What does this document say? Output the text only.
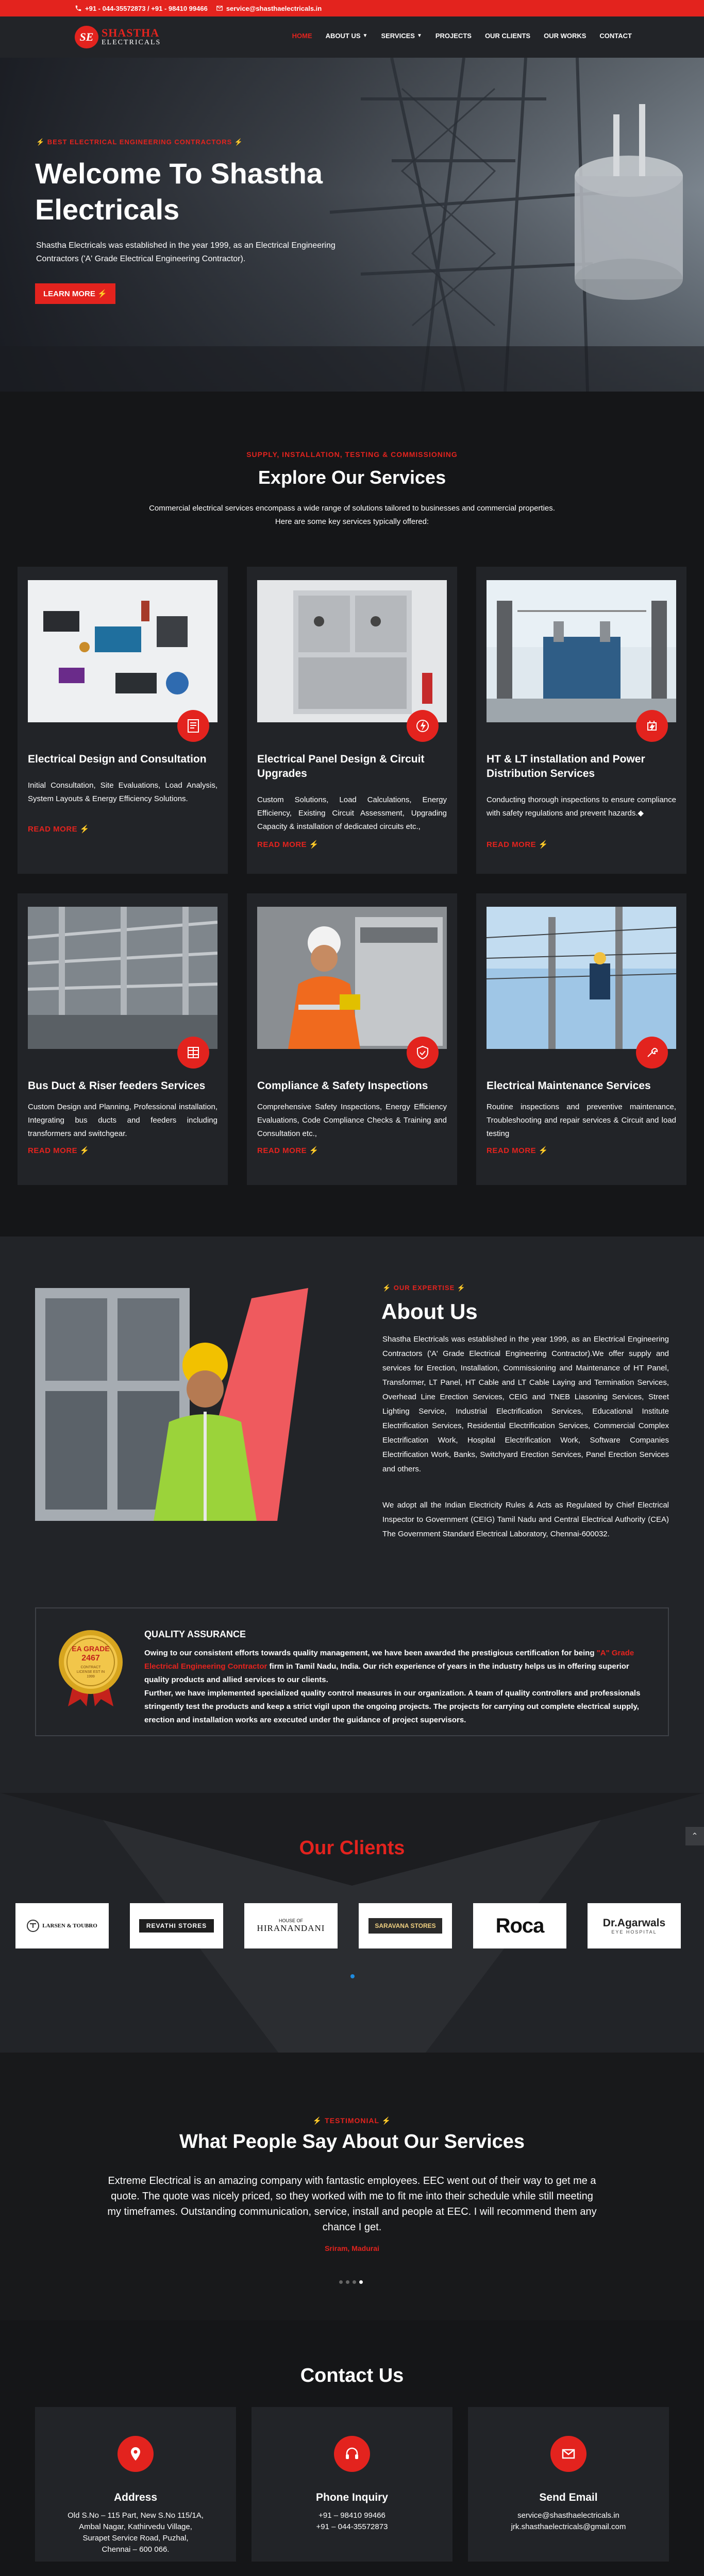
+91 - 044-35572873 / +91 - 98410 99466	service@shasthaelectricals.in
SE SHASTHA
ELECTRICALS
HOME ABOUT US ▼ SERVICES ▼ PROJECTS OUR CLIENTS OUR WORKS CONTACT
⚡ BEST ELECTRICAL ENGINEERING CONTRACTORS ⚡
Welcome To Shastha Electricals

Shastha Electricals was established in the year 1999, as an Electrical Engineering Contractors ('A' Grade Electrical Engineering Contractor).

LEARN MORE ⚡
SUPPLY, INSTALLATION, TESTING & COMMISSIONING
Explore Our Services
Commercial electrical services encompass a wide range of solutions tailored to businesses and commercial properties. Here are some key services typically offered:
Electrical Design and Consultation

Initial Consultation, Site Evaluations, Load Analysis, System Layouts & Energy Efficiency Solutions.

READ MORE ⚡
Electrical Panel Design & Circuit Upgrades

Custom Solutions, Load Calculations, Energy Efficiency, Existing Circuit Assessment, Upgrading Capacity & installation of dedicated circuits etc.,

READ MORE ⚡
HT & LT installation and Power Distribution Services

Conducting thorough inspections to ensure compliance with safety regulations and prevent hazards.◆

READ MORE ⚡
Bus Duct & Riser feeders Services

Custom Design and Planning, Professional installation, Integrating bus ducts and feeders including transformers and switchgear.

READ MORE ⚡
Compliance & Safety Inspections

Comprehensive Safety Inspections, Energy Efficiency Evaluations, Code Compliance Checks & Training and Consultation etc.,

READ MORE ⚡
Electrical Maintenance Services

Routine inspections and preventive maintenance, Troubleshooting and repair services & Circuit and load testing

READ MORE ⚡
⚡ OUR EXPERTISE ⚡
About Us
Shastha Electricals was established in the year 1999, as an Electrical Engineering Contractors ('A' Grade Electrical Engineering Contractor).We offer supply and services for Erection, Installation, Commissioning and Maintenance of HT Panel, Transformer, LT Panel, HT Cable and LT Cable Laying and Termination Services, Overhead Line Erection Services, CEIG and TNEB Liasoning Services, Street Lighting Service, Industrial Electrification Services, Educational Institute Electrification Services, Residential Electrification Services, Commercial Complex Electrification Work, Hospital Electrification Work, Software Companies Electrification Work, Banks, Switchyard Erection Services, Panel Erection Services and others.
We adopt all the Indian Electricity Rules & Acts as Regulated by Chief Electrical Inspector to Government (CEIG) Tamil Nadu and Central Electrical Authority (CEA) The Government Standard Electrical Laboratory, Chennai-600032.
EA GRADE
2467
CONTRACT LICENSE EST IN 1999
QUALITY ASSURANCE

Owing to our consistent efforts towards quality management, we have been awarded the prestigious certification for being "A" Grade Electrical Engineering Contractor firm in Tamil Nadu, India. Our rich experience of years in the industry helps us in offering superior quality products and allied services to our clients.

Further, we have implemented specialized quality control measures in our organization. A team of quality controllers and professionals stringently test the products and keep a strict vigil upon the ongoing projects. The projects for carrying out complete electrical supply, erection and installation works are executed under the guidance of project supervisors.

Our Clients
LARSEN & TOUBRO	REVATHI STORES
HOUSE OF
HIRANANDANI	SARAVANA STORES	Roca	Dr.Agarwals
EYE HOSPITAL
⚡ TESTIMONIAL ⚡
What People Say About Our Services
Extreme Electrical is an amazing company with fantastic employees. EEC went out of their way to get me a quote. The quote was nicely priced, so they worked with me to fit me into their schedule while still meeting my timeframes. Outstanding communication, service, install and people at EEC. I will recommend them any chance I get.
Sriram, Madurai
Contact Us
Address
Old S.No – 115 Part, New S.No 115/1A,
Ambal Nagar, Kathirvedu Village,
Surapet Service Road, Puzhal,
Chennai – 600 066.
Phone Inquiry
+91 – 98410 99466
+91 – 044-35572873
Send Email
service@shasthaelectricals.in
jrk.shasthaelectricals@gmail.com
⌃
